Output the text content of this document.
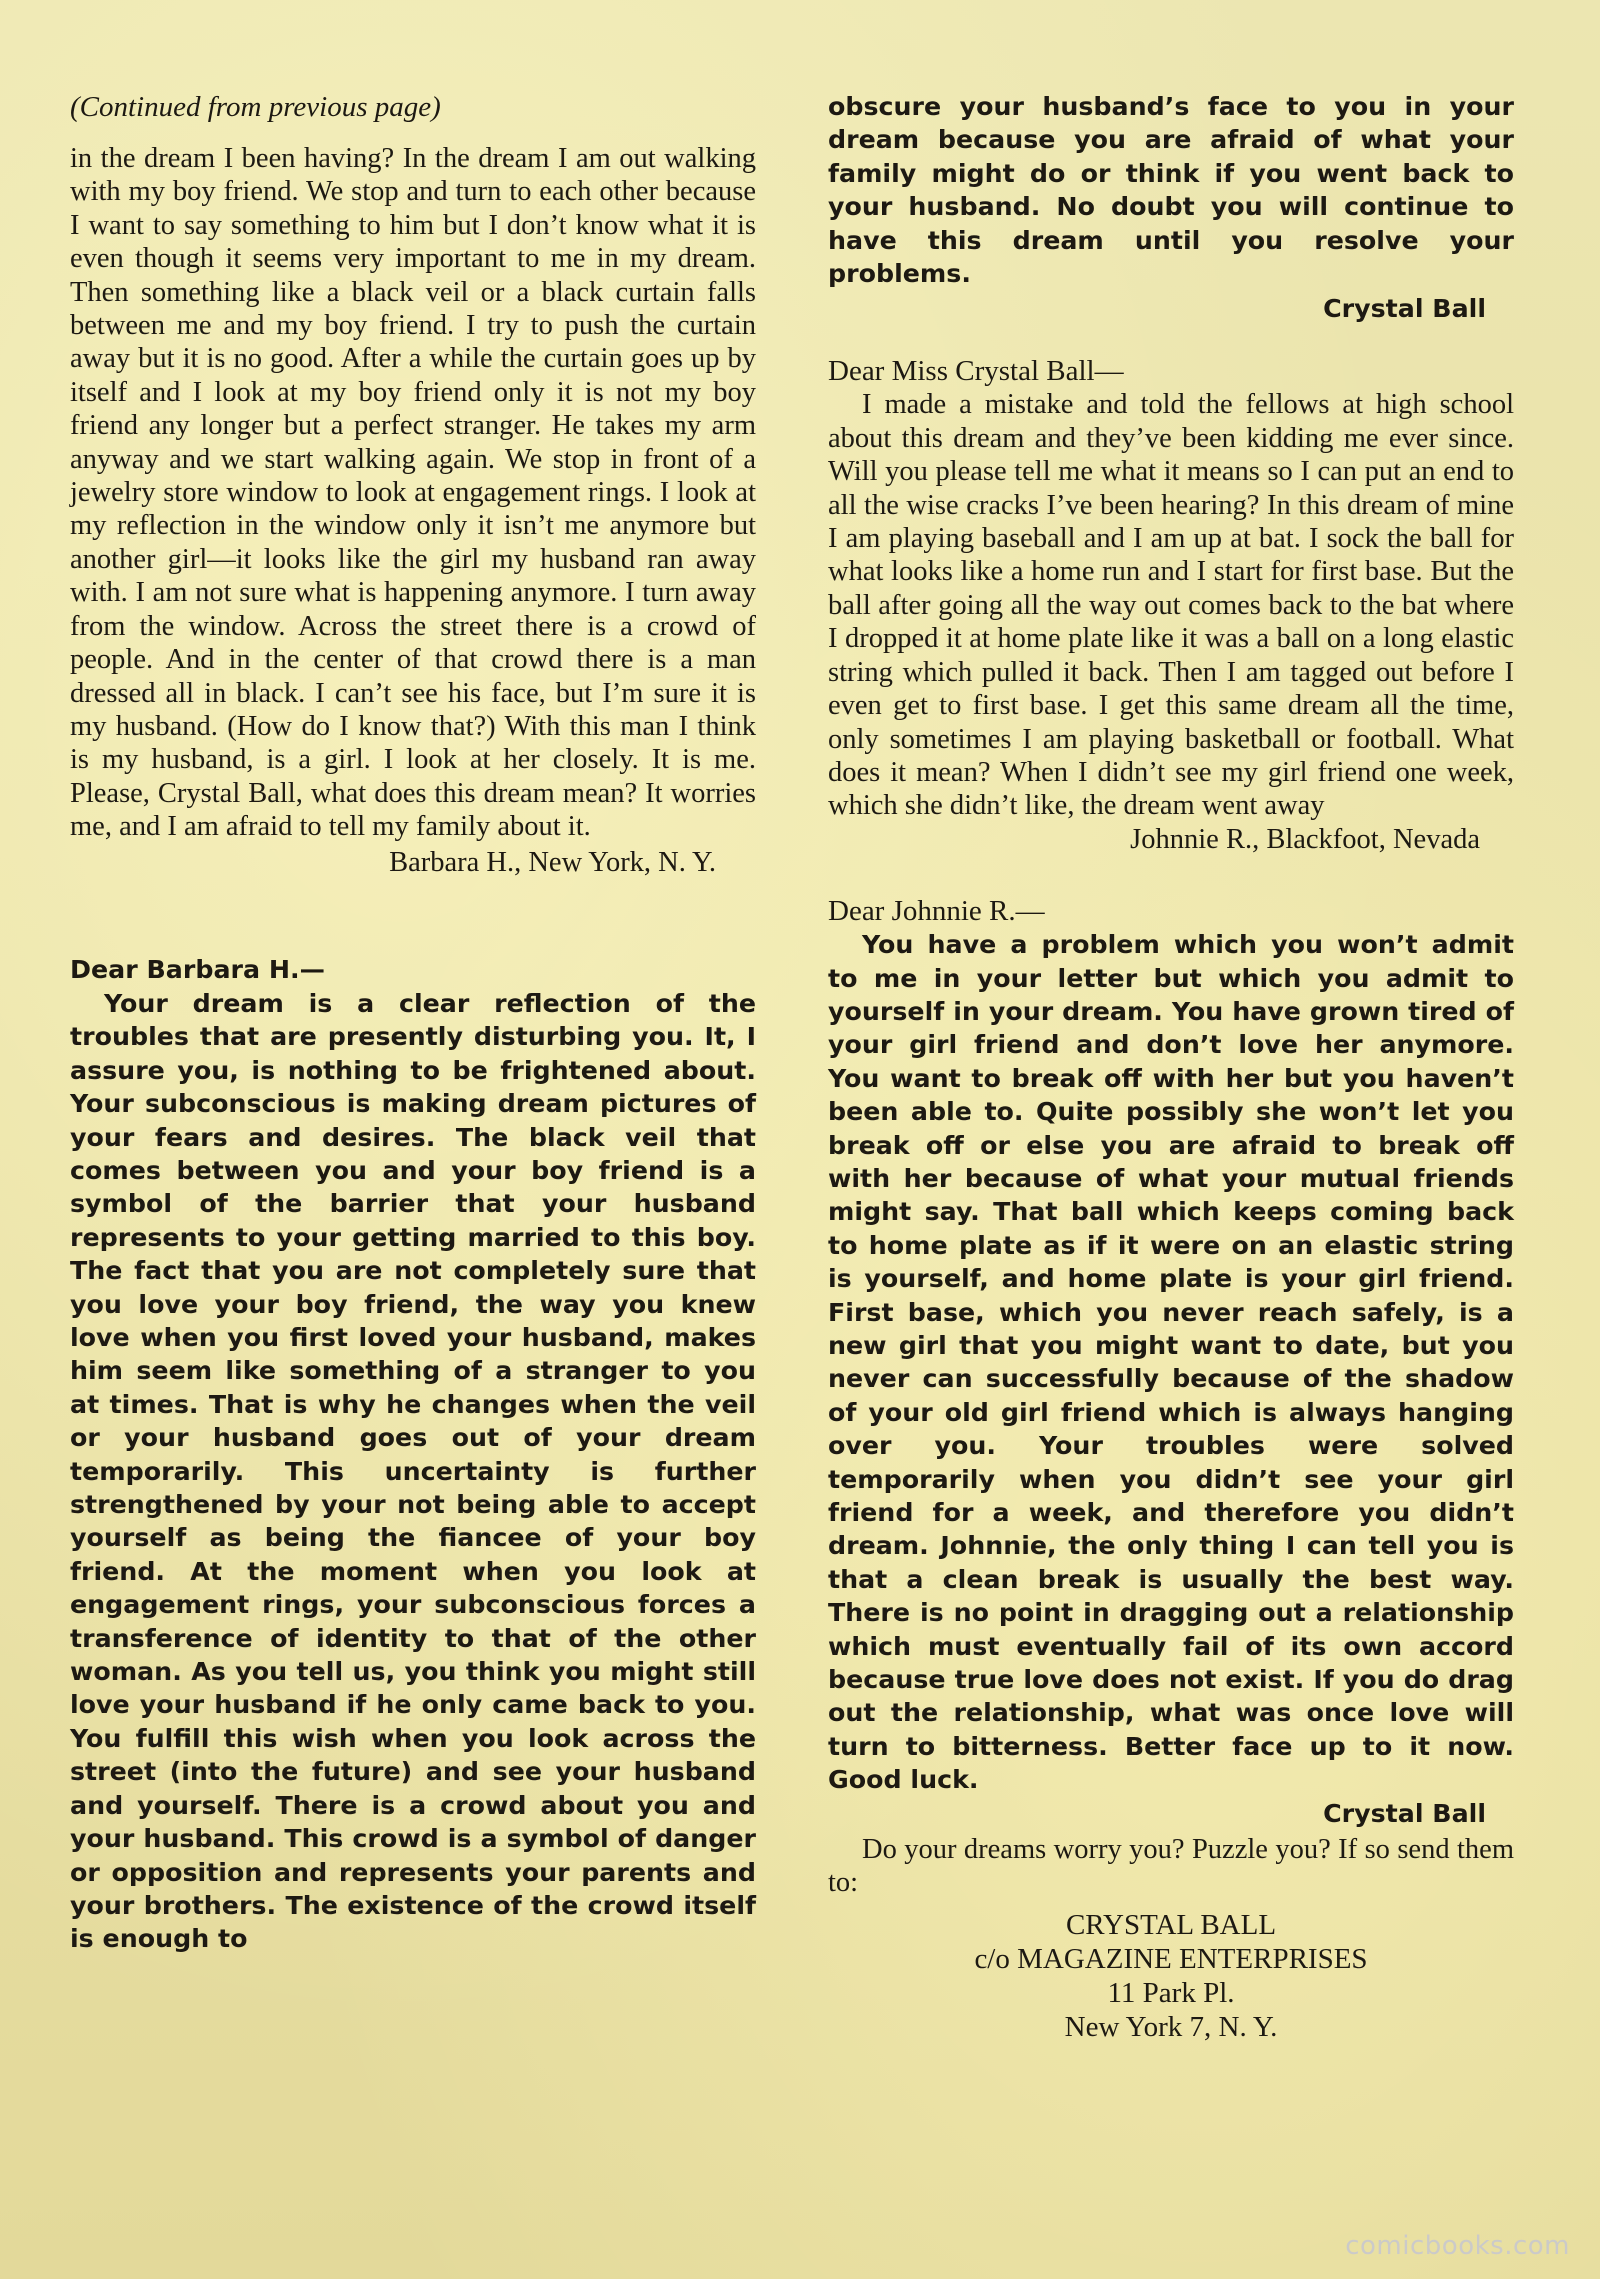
(Continued from previous page)

in the dream I been having? In the dream I am out walking with my boy friend. We stop and turn to each other because I want to say something to him but I don’t know what it is even though it seems very important to me in my dream. Then something like a black veil or a black curtain falls between me and my boy friend. I try to push the curtain away but it is no good. After a while the curtain goes up by itself and I look at my boy friend only it is not my boy friend any longer but a perfect stranger. He takes my arm anyway and we start walking again. We stop in front of a jewelry store window to look at engagement rings. I look at my reflection in the window only it isn’t me anymore but another girl—it looks like the girl my husband ran away with. I am not sure what is happening anymore. I turn away from the window. Across the street there is a crowd of people. And in the center of that crowd there is a man dressed all in black. I can’t see his face, but I’m sure it is my husband. (How do I know that?) With this man I think is my husband, is a girl. I look at her closely. It is me. Please, Crystal Ball, what does this dream mean? It worries me, and I am afraid to tell my family about it.

Barbara H., New York, N. Y.

Dear Barbara H.—

Your dream is a clear reflection of the troubles that are presently disturbing you. It, I assure you, is nothing to be frightened about. Your subconscious is making dream pictures of your fears and desires. The black veil that comes between you and your boy friend is a symbol of the barrier that your husband represents to your getting married to this boy. The fact that you are not completely sure that you love your boy friend, the way you knew love when you first loved your husband, makes him seem like something of a stranger to you at times. That is why he changes when the veil or your husband goes out of your dream temporarily. This uncertainty is further strengthened by your not being able to accept yourself as being the fiancee of your boy friend. At the moment when you look at engagement rings, your subconscious forces a transference of identity to that of the other woman. As you tell us, you think you might still love your husband if he only came back to you. You fulfill this wish when you look across the street (into the future) and see your husband and yourself. There is a crowd about you and your husband. This crowd is a symbol of danger or opposition and represents your parents and your brothers. The existence of the crowd itself is enough to

obscure your husband’s face to you in your dream because you are afraid of what your family might do or think if you went back to your husband. No doubt you will continue to have this dream until you resolve your problems.

Crystal Ball

Dear Miss Crystal Ball—

I made a mistake and told the fellows at high school about this dream and they’ve been kidding me ever since. Will you please tell me what it means so I can put an end to all the wise cracks I’ve been hearing? In this dream of mine I am playing baseball and I am up at bat. I sock the ball for what looks like a home run and I start for first base. But the ball after going all the way out comes back to the bat where I dropped it at home plate like it was a ball on a long elastic string which pulled it back. Then I am tagged out before I even get to first base. I get this same dream all the time, only sometimes I am playing basketball or football. What does it mean? When I didn’t see my girl friend one week, which she didn’t like, the dream went away

Johnnie R., Blackfoot, Nevada

Dear Johnnie R.—

You have a problem which you won’t admit to me in your letter but which you admit to yourself in your dream. You have grown tired of your girl friend and don’t love her anymore. You want to break off with her but you haven’t been able to. Quite possibly she won’t let you break off or else you are afraid to break off with her because of what your mutual friends might say. That ball which keeps coming back to home plate as if it were on an elastic string is yourself, and home plate is your girl friend. First base, which you never reach safely, is a new girl that you might want to date, but you never can successfully because of the shadow of your old girl friend which is always hanging over you. Your troubles were solved temporarily when you didn’t see your girl friend for a week, and therefore you didn’t dream. Johnnie, the only thing I can tell you is that a clean break is usually the best way. There is no point in dragging out a relationship which must eventually fail of its own accord because true love does not exist. If you do drag out the relationship, what was once love will turn to bitterness. Better face up to it now. Good luck.

Crystal Ball

Do your dreams worry you? Puzzle you? If so send them to:

CRYSTAL BALL

c/o MAGAZINE ENTERPRISES

11 Park Pl.

New York 7, N. Y.

comicbooks.com
